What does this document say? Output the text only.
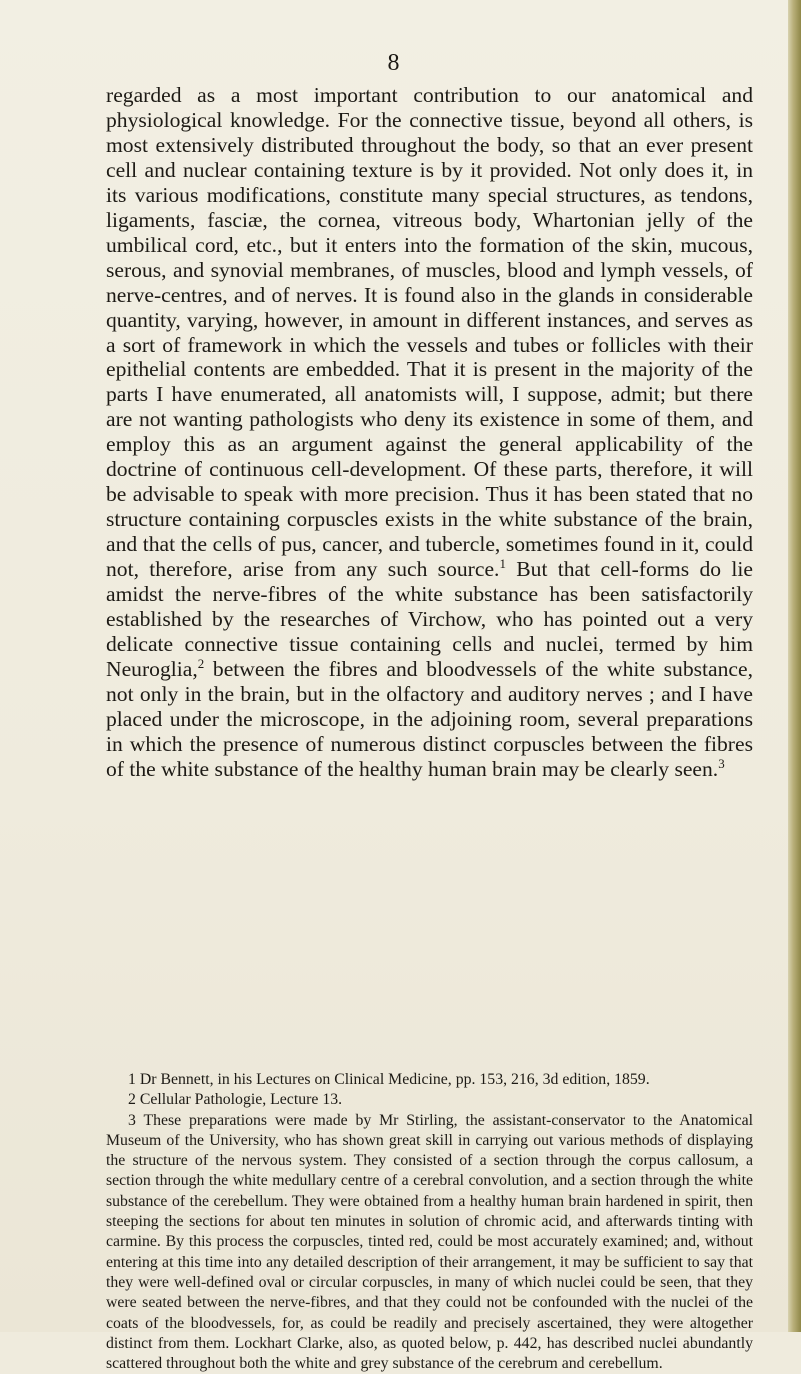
8

regarded as a most important contribution to our anatomical and physiological knowledge. For the connective tissue, beyond all others, is most extensively distributed throughout the body, so that an ever present cell and nuclear containing texture is by it provided. Not only does it, in its various modifications, constitute many special structures, as tendons, ligaments, fasciæ, the cornea, vitreous body, Whartonian jelly of the umbilical cord, etc., but it enters into the formation of the skin, mucous, serous, and synovial membranes, of muscles, blood and lymph vessels, of nerve-centres, and of nerves. It is found also in the glands in considerable quantity, varying, however, in amount in different instances, and serves as a sort of framework in which the vessels and tubes or follicles with their epithelial contents are embedded. That it is present in the majority of the parts I have enumerated, all anatomists will, I suppose, admit; but there are not wanting pathologists who deny its existence in some of them, and employ this as an argument against the general applicability of the doctrine of continuous cell-development. Of these parts, therefore, it will be advisable to speak with more precision. Thus it has been stated that no structure containing corpuscles exists in the white substance of the brain, and that the cells of pus, cancer, and tubercle, sometimes found in it, could not, therefore, arise from any such source.$^1$ But that cell-forms do lie amidst the nerve-fibres of the white substance has been satisfactorily established by the researches of Virchow, who has pointed out a very delicate connective tissue containing cells and nuclei, termed by him Neuroglia,$^2$ between the fibres and bloodvessels of the white substance, not only in the brain, but in the olfactory and auditory nerves ; and I have placed under the microscope, in the adjoining room, several preparations in which the presence of numerous distinct corpuscles between the fibres of the white substance of the healthy human brain may be clearly seen.$^3$

1 Dr Bennett, in his Lectures on Clinical Medicine, pp. 153, 216, 3d edition, 1859.

2 Cellular Pathologie, Lecture 13.

3 These preparations were made by Mr Stirling, the assistant-conservator to the Anatomical Museum of the University, who has shown great skill in carrying out various methods of displaying the structure of the nervous system. They consisted of a section through the corpus callosum, a section through the white medullary centre of a cerebral convolution, and a section through the white substance of the cerebellum. They were obtained from a healthy human brain hardened in spirit, then steeping the sections for about ten minutes in solution of chromic acid, and afterwards tinting with carmine. By this process the corpuscles, tinted red, could be most accurately examined; and, without entering at this time into any detailed description of their arrangement, it may be sufficient to say that they were well-defined oval or circular corpuscles, in many of which nuclei could be seen, that they were seated between the nerve-fibres, and that they could not be confounded with the nuclei of the coats of the bloodvessels, for, as could be readily and precisely ascertained, they were altogether distinct from them. Lockhart Clarke, also, as quoted below, p. 442, has described nuclei abundantly scattered throughout both the white and grey substance of the cerebrum and cerebellum.
